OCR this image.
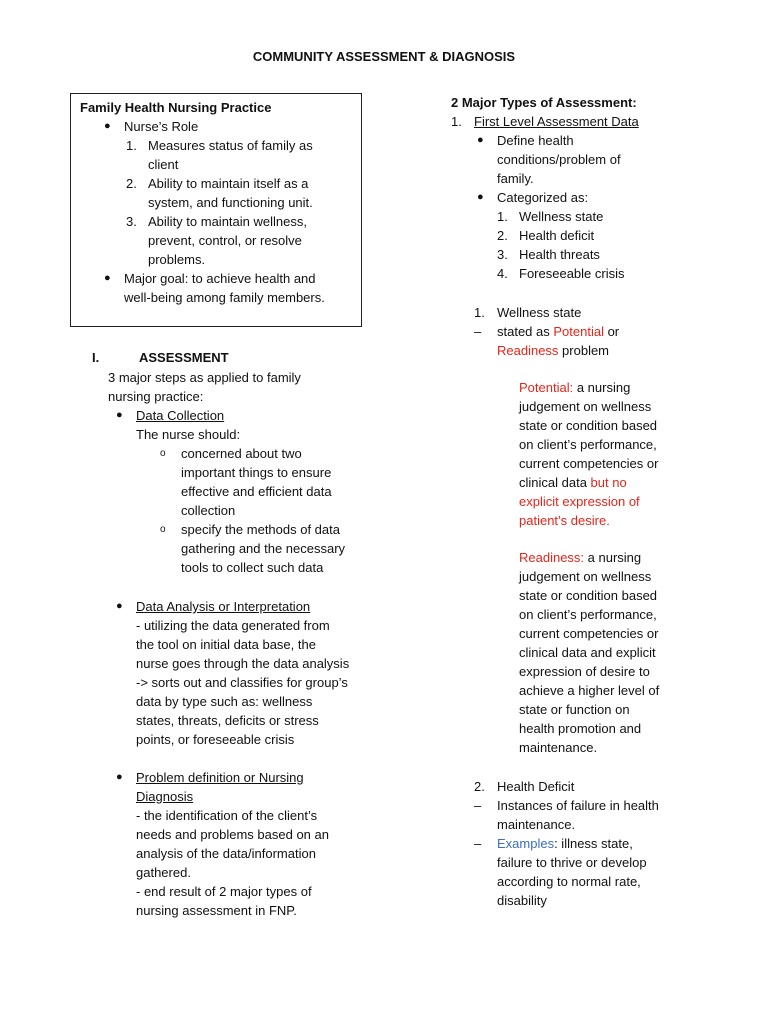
COMMUNITY ASSESSMENT & DIAGNOSIS
Family Health Nursing Practice
● Nurse’s Role
1. Measures status of family as
client
2. Ability to maintain itself as a
system, and functioning unit.
3. Ability to maintain wellness,
prevent, control, or resolve
problems.
● Major goal: to achieve health and
well-being among family members.
I.	ASSESSMENT
3 major steps as applied to family
nursing practice:
● Data Collection
The nurse should:
o concerned about two
important things to ensure
effective and efficient data
collection
o specify the methods of data
gathering and the necessary
tools to collect such data
● Data Analysis or Interpretation
- utilizing the data generated from
the tool on initial data base, the
nurse goes through the data analysis
-> sorts out and classifies for group’s
data by type such as: wellness
states, threats, deficits or stress
points, or foreseeable crisis
● Problem definition or Nursing
Diagnosis
- the identification of the client’s
needs and problems based on an
analysis of the data/information
gathered.
- end result of 2 major types of
nursing assessment in FNP.
2 Major Types of Assessment:
1. First Level Assessment Data
● Define health
conditions/problem of
family.
● Categorized as:
1. Wellness state
2. Health deficit
3. Health threats
4. Foreseeable crisis
1. Wellness state
– stated as Potential or
Readiness problem
Potential: a nursing
judgement on wellness
state or condition based
on client’s performance,
current competencies or
clinical data but no
explicit expression of
patient’s desire.
Readiness: a nursing
judgement on wellness
state or condition based
on client’s performance,
current competencies or
clinical data and explicit
expression of desire to
achieve a higher level of
state or function on
health promotion and
maintenance.
2. Health Deficit
– Instances of failure in health
maintenance.
– Examples: illness state,
failure to thrive or develop
according to normal rate,
disability
